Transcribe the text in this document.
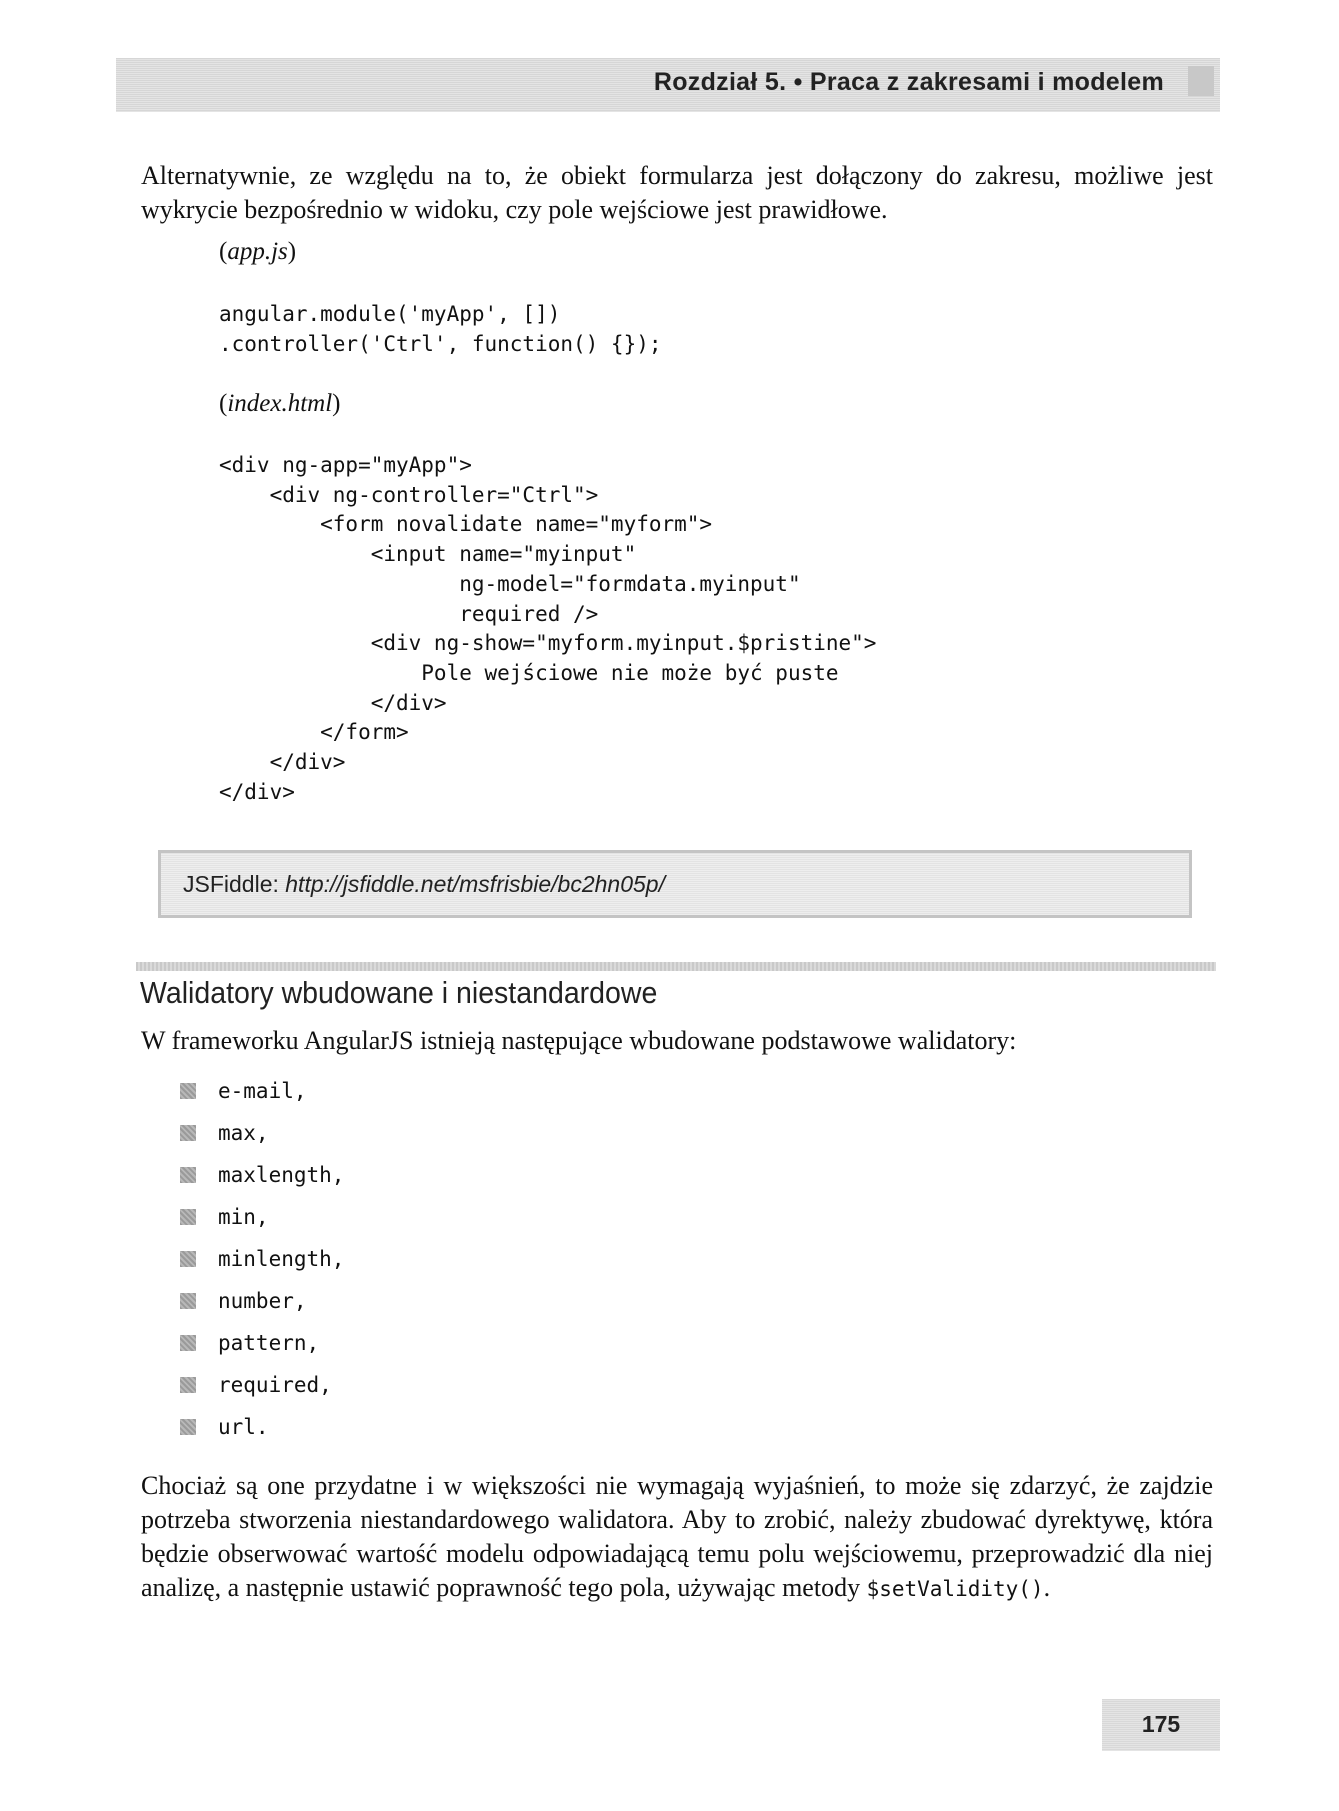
Rozdział 5. • Praca z zakresami i modelem

Alternatywnie, ze względu na to, że obiekt formularza jest dołączony do zakresu, możliwe jest wykrycie bezpośrednio w widoku, czy pole wejściowe jest prawidłowe.

(app.js)
angular.module('myApp', [])
.controller('Ctrl', function() {});
(index.html)
<div ng-app="myApp">
<div ng-controller="Ctrl">
<form novalidate name="myform">
<input name="myinput"
ng-model="formdata.myinput"
required />
<div ng-show="myform.myinput.$pristine">
Pole wejściowe nie może być puste
</div>
</form>
</div>
</div>
JSFiddle: http://jsfiddle.net/msfrisbie/bc2hn05p/
Walidatory wbudowane i niestandardowe

W frameworku AngularJS istnieją następujące wbudowane podstawowe walidatory:

e-mail,
max,
maxlength,
min,
minlength,
number,
pattern,
required,
url.

Chociaż są one przydatne i w większości nie wymagają wyjaśnień, to może się zdarzyć, że zajdzie potrzeba stworzenia niestandardowego walidatora. Aby to zrobić, należy zbudować dyrektywę, która będzie obserwować wartość modelu odpowiadającą temu polu wejściowemu, przeprowadzić dla niej analizę, a następnie ustawić poprawność tego pola, używając metody $setValidity().

175
